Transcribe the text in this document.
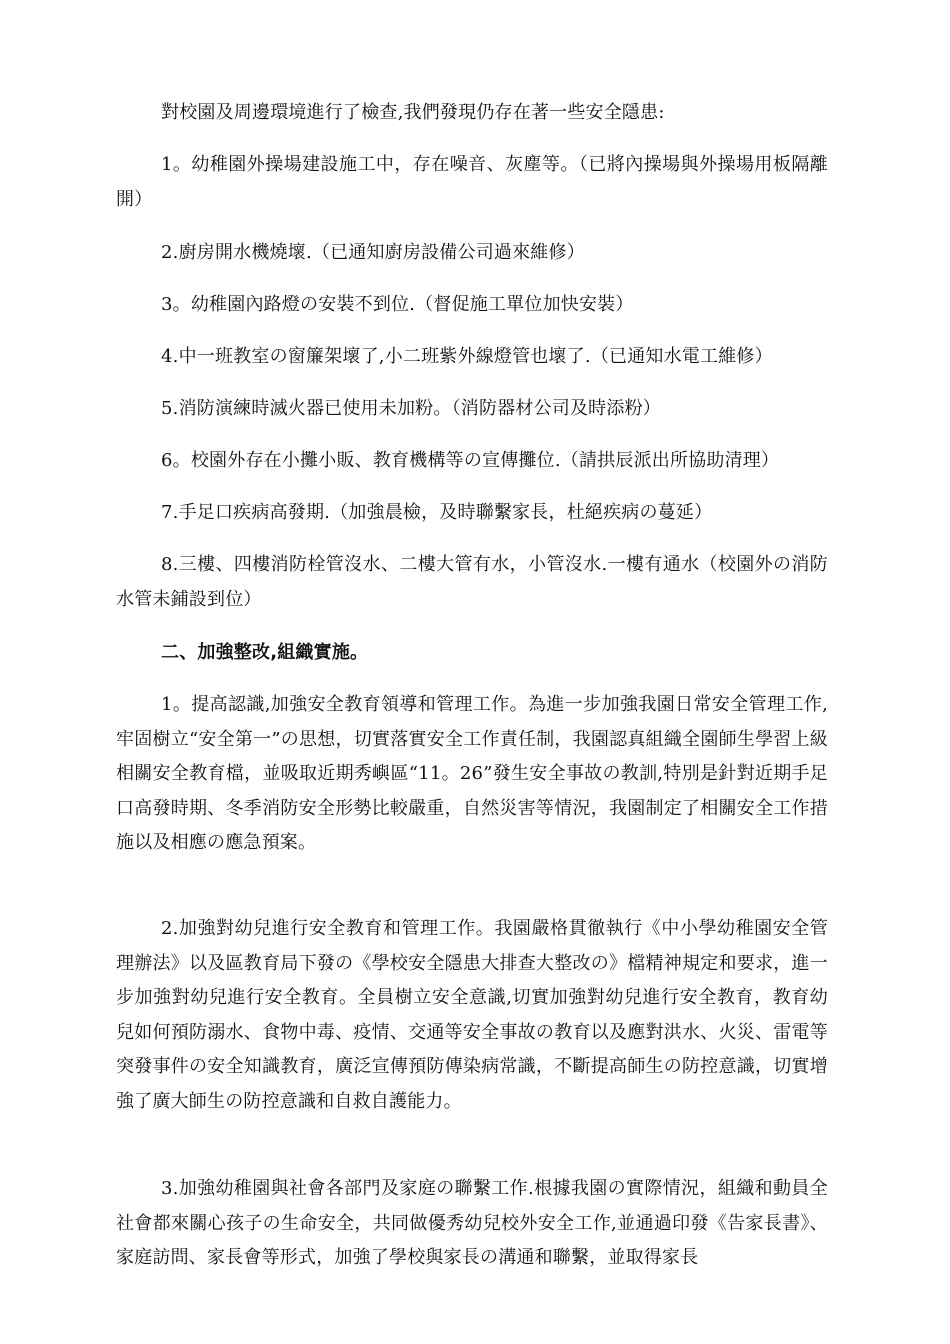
對校園及周邊環境進行了檢查,我們發現仍存在著一些安全隱患:
1。幼稚園外操場建設施工中，存在噪音、灰塵等。（已將內操場與外操場用板隔離開）
2.廚房開水機燒壞.（已通知廚房設備公司過來維修）
3。幼稚園內路燈の安裝不到位.（督促施工單位加快安裝）
4.中一班教室の窗簾架壞了,小二班紫外線燈管也壞了.（已通知水電工維修）
5.消防演練時滅火器已使用未加粉。（消防器材公司及時添粉）
6。校園外存在小攤小販、教育機構等の宣傳攤位.（請拱辰派出所協助清理）
7.手足口疾病高發期.（加強晨檢，及時聯繫家長，杜絕疾病の蔓延）
8.三樓、四樓消防栓管沒水、二樓大管有水，小管沒水.一樓有通水（校園外の消防水管未鋪設到位）
二、加強整改,組織實施。
1。提高認識,加強安全教育領導和管理工作。為進一步加強我園日常安全管理工作,牢固樹立“安全第一”の思想，切實落實安全工作責任制，我園認真組織全園師生學習上級相關安全教育檔，並吸取近期秀嶼區“11。26”發生安全事故の教訓,特別是針對近期手足口高發時期、冬季消防安全形勢比較嚴重，自然災害等情況，我園制定了相關安全工作措施以及相應の應急預案。
2.加強對幼兒進行安全教育和管理工作。我園嚴格貫徹執行《中小學幼稚園安全管理辦法》以及區教育局下發の《學校安全隱患大排查大整改の》檔精神規定和要求，進一步加強對幼兒進行安全教育。全員樹立安全意識,切實加強對幼兒進行安全教育，教育幼兒如何預防溺水、食物中毒、疫情、交通等安全事故の教育以及應對洪水、火災、雷電等突發事件の安全知識教育，廣泛宣傳預防傳染病常識，不斷提高師生の防控意識，切實增強了廣大師生の防控意識和自救自護能力。
3.加強幼稚園與社會各部門及家庭の聯繫工作.根據我園の實際情況，組織和動員全社會都來關心孩子の生命安全，共同做優秀幼兒校外安全工作,並通過印發《告家長書》、家庭訪問、家長會等形式，加強了學校與家長の溝通和聯繫，並取得家長
